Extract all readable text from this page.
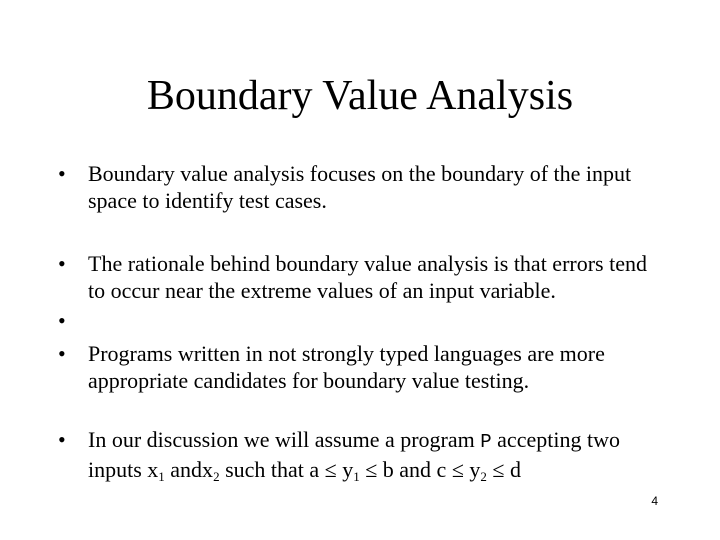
Boundary Value Analysis
• Boundary value analysis focuses on the boundary of the input space to identify test cases.
• The rationale behind boundary value analysis is that errors tend to occur near the extreme values of an input variable.
•
• Programs written in not strongly typed languages are more appropriate candidates for boundary value testing.
• In our discussion we will assume a program P accepting two inputs $x_1$ andx$_2$ such that $a \le y_1 \le b$ and $c \le y_2 \le d$
4
